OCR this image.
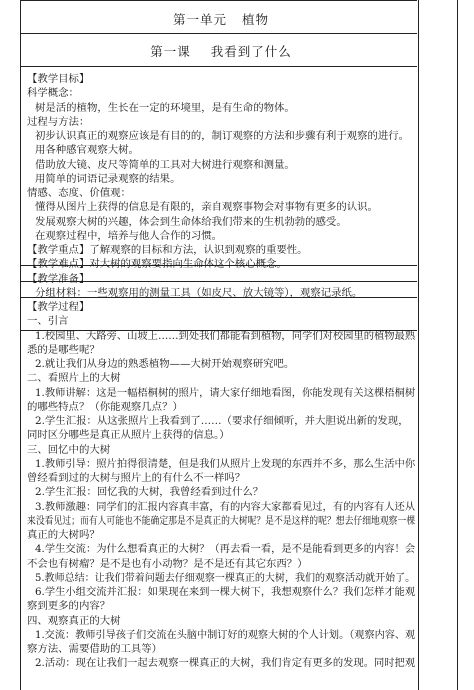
第一单元   植物
第一课    我看到了什么
【教学目标】
科学概念：
树是活的植物，生长在一定的环境里，是有生命的物体。
过程与方法：
初步认识真正的观察应该是有目的的，制订观察的方法和步骤有利于观察的进行。
用各种感官观察大树。
借助放大镜、皮尺等简单的工具对大树进行观察和测量。
用简单的词语记录观察的结果。
情感、态度、价值观：
懂得从图片上获得的信息是有限的，亲自观察事物会对事物有更多的认识。
发展观察大树的兴趣，体会到生命体给我们带来的生机勃勃的感受。
在观察过程中，培养与他人合作的习惯。
【教学重点】了解观察的目标和方法，认识到观察的重要性。
【教学难点】对大树的观察要指向生命体这个核心概念。
【教学准备】
分组材料：一些观察用的测量工具（如皮尺、放大镜等），观察记录纸。
【教学过程】
一、引言
1.校园里、大路旁、山坡上……到处我们都能看到植物，同学们对校园里的植物最熟
悉的是哪些呢？
2.就让我们从身边的熟悉植物——大树开始观察研究吧。
二、看照片上的大树
1.教师讲解：这是一幅梧桐树的照片，请大家仔细地看图，你能发现有关这棵梧桐树
的哪些特点？（你能观察几点？）
2.学生汇报：从这张照片上我看到了……（要求仔细倾听，并大胆说出新的发现，
同时区分哪些是真正从照片上获得的信息。）
三、回忆中的大树
1.教师引导：照片拍得很清楚，但是我们从照片上发现的东西并不多，那么生活中你
曾经看到过的大树与照片上的有什么不一样吗？
2.学生汇报：回忆我的大树，我曾经看到过什么？
3.教师激趣：同学们的汇报内容真丰富，有的内容大家都看见过，有的内容有人还从
来没看见过；而有人可能也不能确定那是不是真正的大树呢？是不是这样的呢？想去仔细地观察一棵
真正的大树吗？
4.学生交流：为什么想看真正的大树？（再去看一看，是不是能看到更多的内容！会
不会也有树瘤？是不是也有小动物？是不是还有其它东西？）
5.教师总结：让我们带着问题去仔细观察一棵真正的大树，我们的观察活动就开始了。
6.学生小组交流并汇报：如果现在来到一棵大树下，我想观察什么？我们怎样才能观
察到更多的内容？
四、观察真正的大树
1.交流：教师引导孩子们交流在头脑中制订好的观察大树的个人计划。（观察内容、观
察方法、需要借助的工具等）
2.活动：现在让我们一起去观察一棵真正的大树，我们肯定有更多的发现。同时把观
